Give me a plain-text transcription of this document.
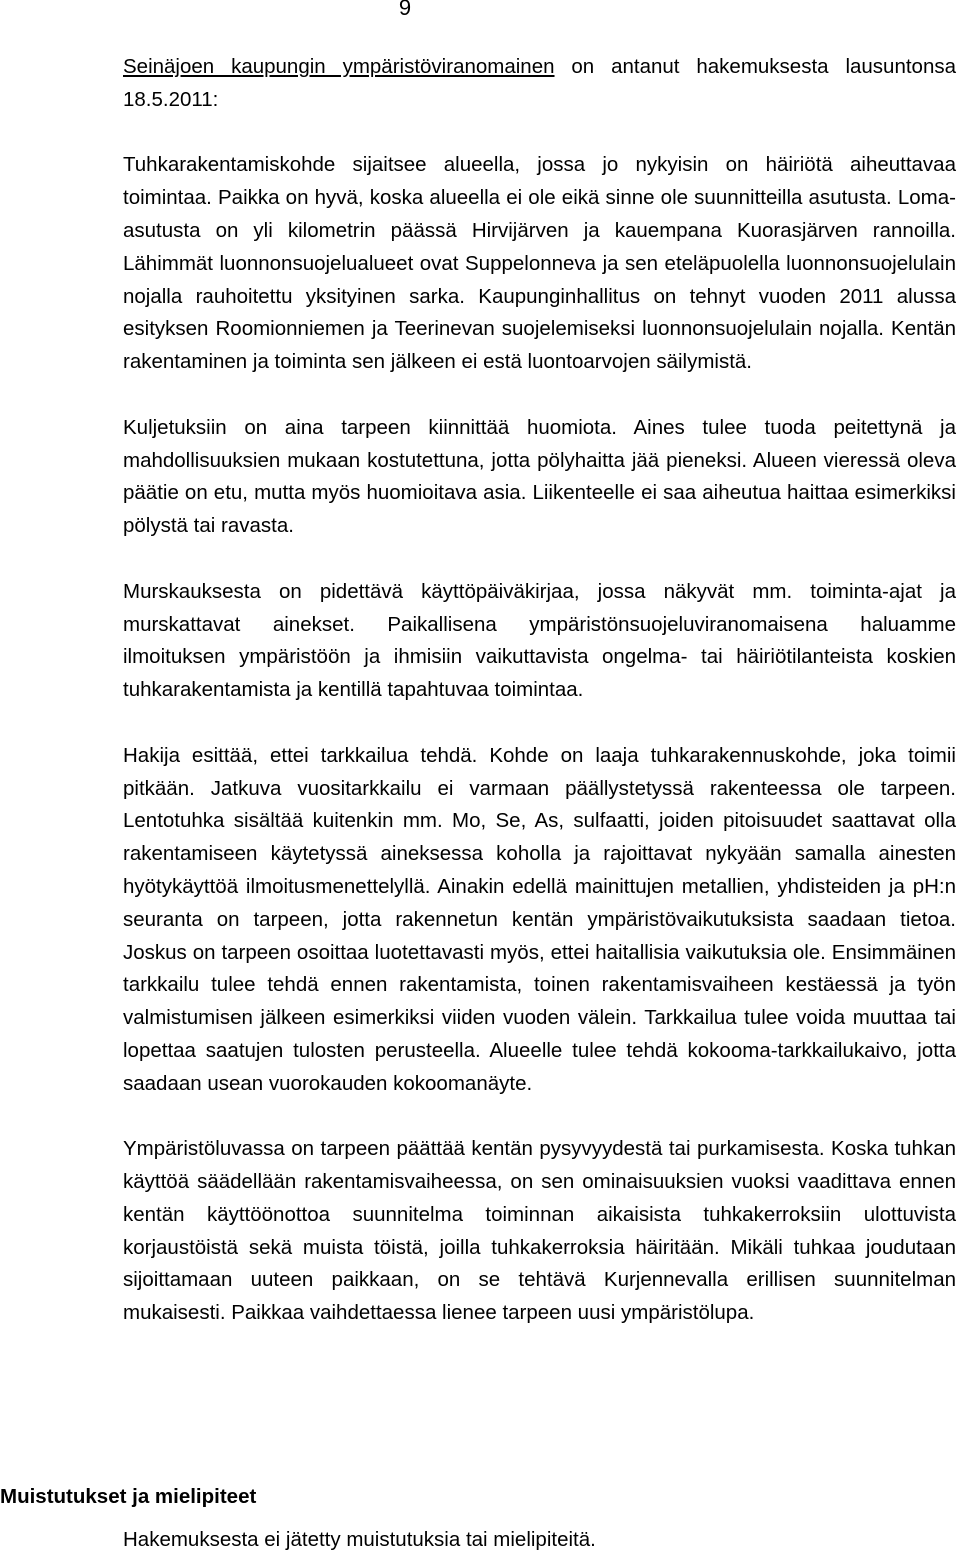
9

Seinäjoen kaupungin ympäristöviranomainen on antanut hakemuksesta lausuntonsa 18.5.2011:

Tuhkarakentamiskohde sijaitsee alueella, jossa jo nykyisin on häiriötä aiheuttavaa toimintaa. Paikka on hyvä, koska alueella ei ole eikä sinne ole suunnitteilla asutusta. Loma-asutusta on yli kilometrin päässä Hirvijärven ja kauempana Kuorasjärven rannoilla. Lähimmät luonnonsuojelualueet ovat Suppelonneva ja sen eteläpuolella luonnonsuojelulain nojalla rauhoitettu yksityinen sarka. Kaupunginhallitus on tehnyt vuoden 2011 alussa esityksen Roomionniemen ja Teerinevan suojelemiseksi luonnonsuojelulain nojalla. Kentän rakentaminen ja toiminta sen jälkeen ei estä luontoarvojen säilymistä.

Kuljetuksiin on aina tarpeen kiinnittää huomiota. Aines tulee tuoda peitettynä ja mahdollisuuksien mukaan kostutettuna, jotta pölyhaitta jää pieneksi. Alueen vieressä oleva päätie on etu, mutta myös huomioitava asia. Liikenteelle ei saa aiheutua haittaa esimerkiksi pölystä tai ravasta.

Murskauksesta on pidettävä käyttöpäiväkirjaa, jossa näkyvät mm. toiminta-ajat ja murskattavat ainekset. Paikallisena ympäristönsuojeluviranomaisena haluamme ilmoituksen ympäristöön ja ihmisiin vaikuttavista ongelma- tai häiriötilanteista koskien tuhkarakentamista ja kentillä tapahtuvaa toimintaa.

Hakija esittää, ettei tarkkailua tehdä. Kohde on laaja tuhkarakennuskohde, joka toimii pitkään. Jatkuva vuositarkkailu ei varmaan päällystetyssä rakenteessa ole tarpeen. Lentotuhka sisältää kuitenkin mm. Mo, Se, As, sulfaatti, joiden pitoisuudet saattavat olla rakentamiseen käytetyssä aineksessa koholla ja rajoittavat nykyään samalla ainesten hyötykäyttöä ilmoitusmenettelyllä. Ainakin edellä mainittujen metallien, yhdisteiden ja pH:n seuranta on tarpeen, jotta rakennetun kentän ympäristövaikutuksista saadaan tietoa. Joskus on tarpeen osoittaa luotettavasti myös, ettei haitallisia vaikutuksia ole. Ensimmäinen tarkkailu tulee tehdä ennen rakentamista, toinen rakentamisvaiheen kestäessä ja työn valmistumisen jälkeen esimerkiksi viiden vuoden välein. Tarkkailua tulee voida muuttaa tai lopettaa saatujen tulosten perusteella. Alueelle tulee tehdä kokooma-tarkkailukaivo, jotta saadaan usean vuorokauden kokoomanäyte.

Ympäristöluvassa on tarpeen päättää kentän pysyvyydestä tai purkamisesta. Koska tuhkan käyttöä säädellään rakentamisvaiheessa, on sen ominaisuuksien vuoksi vaadittava ennen kentän käyttöönottoa suunnitelma toiminnan aikaisista tuhkakerroksiin ulottuvista korjaustöistä sekä muista töistä, joilla tuhkakerroksia häiritään. Mikäli tuhkaa joudutaan sijoittamaan uuteen paikkaan, on se tehtävä Kurjennevalla erillisen suunnitelman mukaisesti. Paikkaa vaihdettaessa lienee tarpeen uusi ympäristölupa.

Muistutukset ja mielipiteet
Hakemuksesta ei jätetty muistutuksia tai mielipiteitä.
